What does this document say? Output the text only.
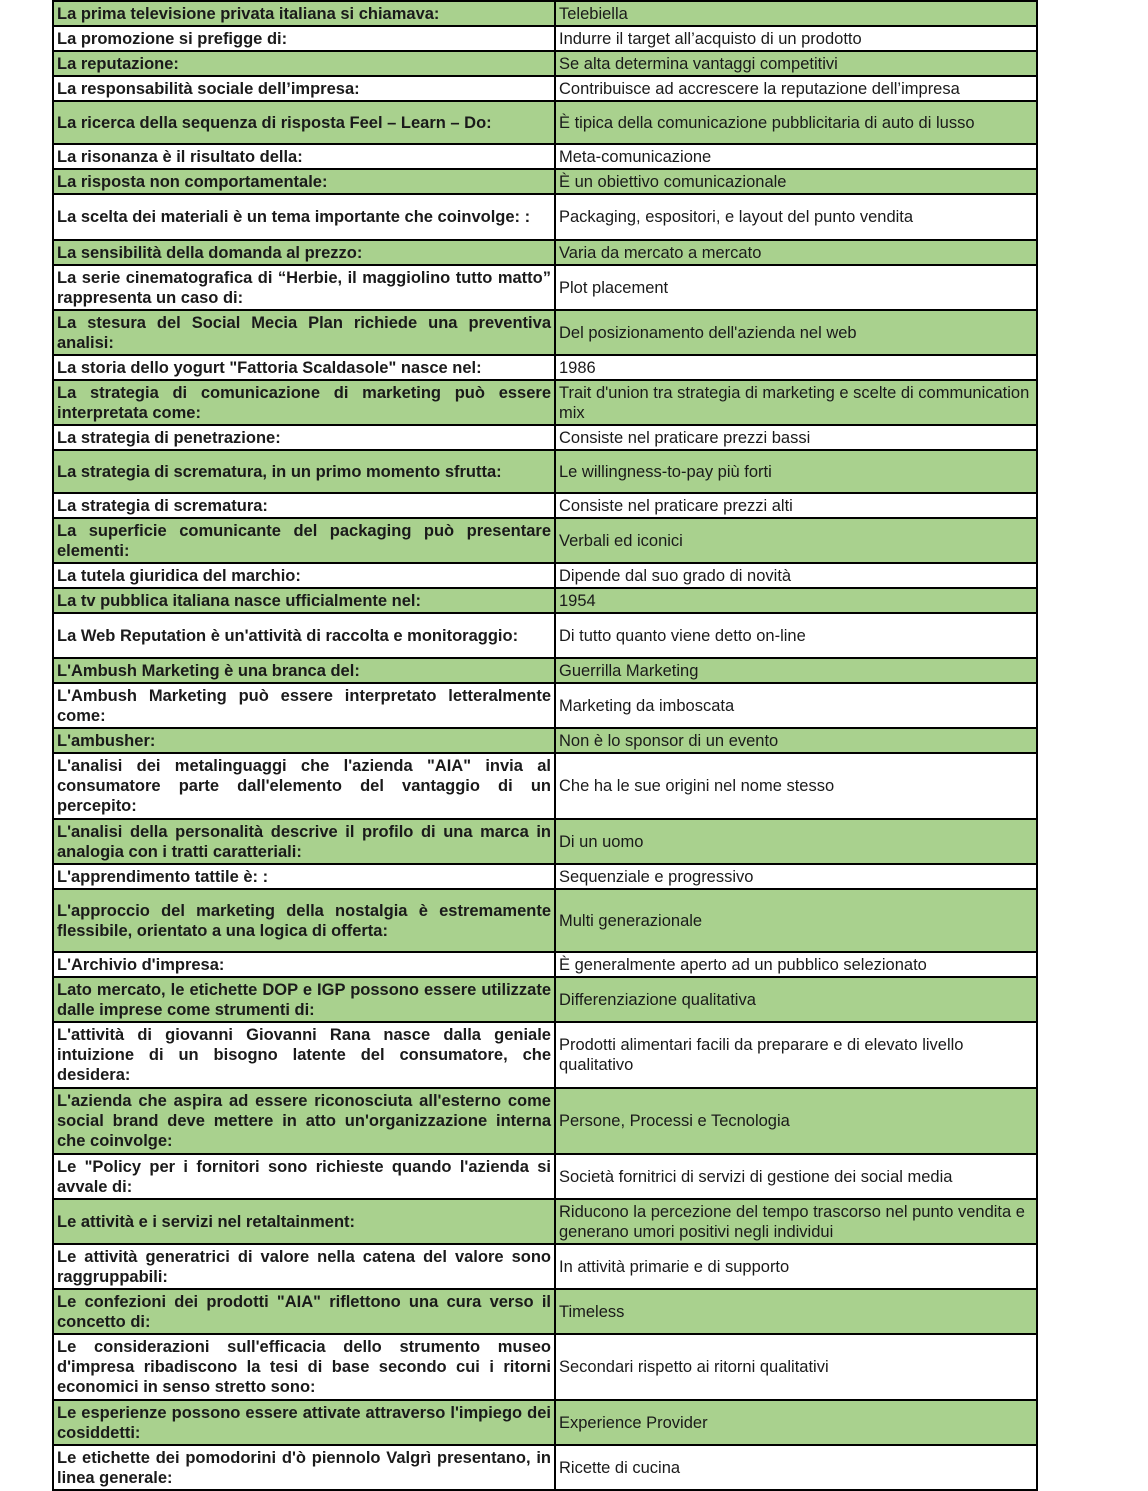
La prima televisione privata italiana si chiamava:	Telebiella
La promozione si prefigge di:	Indurre il target all’acquisto di un prodotto
La reputazione:	Se alta determina vantaggi competitivi
La responsabilità sociale dell’impresa:	Contribuisce ad accrescere la reputazione dell’impresa
La ricerca della sequenza di risposta Feel – Learn – Do:	È tipica della comunicazione pubblicitaria di auto di lusso
La risonanza è il risultato della:	Meta-comunicazione
La risposta non comportamentale:	È un obiettivo comunicazionale
La scelta dei materiali è un tema importante che coinvolge: :	Packaging, espositori, e layout del punto vendita
La sensibilità della domanda al prezzo:	Varia da mercato a mercato
La serie cinematografica di “Herbie, il maggiolino tutto matto” rappresenta un caso di:	Plot placement
La stesura del Social Mecia Plan richiede una preventiva analisi:	Del posizionamento dell'azienda nel web
La storia dello yogurt "Fattoria Scaldasole" nasce nel:	1986
La strategia di comunicazione di marketing può essere interpretata come:	Trait d'union tra strategia di marketing e scelte di communication mix
La strategia di penetrazione:	Consiste nel praticare prezzi bassi
La strategia di scrematura, in un primo momento sfrutta:	Le willingness-to-pay più forti
La strategia di scrematura:	Consiste nel praticare prezzi alti
La superficie comunicante del packaging può presentare elementi:	Verbali ed iconici
La tutela giuridica del marchio:	Dipende dal suo grado di novità
La tv pubblica italiana nasce ufficialmente nel:	1954
La Web Reputation è un'attività di raccolta e monitoraggio:	Di tutto quanto viene detto on-line
L'Ambush Marketing è una branca del:	Guerrilla Marketing
L'Ambush Marketing può essere interpretato letteralmente come:	Marketing da imboscata
L'ambusher:	Non è lo sponsor di un evento
L'analisi dei metalinguaggi che l'azienda "AIA" invia al consumatore parte dall'elemento del vantaggio di un percepito:	Che ha le sue origini nel nome stesso
L'analisi della personalità descrive il profilo di una marca in analogia con i tratti caratteriali:	Di un uomo
L'apprendimento tattile è: :	Sequenziale e progressivo
L'approccio del marketing della nostalgia è estremamente flessibile, orientato a una logica di offerta:	Multi generazionale
L'Archivio d'impresa:	È generalmente aperto ad un pubblico selezionato
Lato mercato, le etichette DOP e IGP possono essere utilizzate dalle imprese come strumenti di:	Differenziazione qualitativa
L'attività di giovanni Giovanni Rana nasce dalla geniale intuizione di un bisogno latente del consumatore, che desidera:	Prodotti alimentari facili da preparare e di elevato livello qualitativo
L'azienda che aspira ad essere riconosciuta all'esterno come social brand deve mettere in atto un'organizzazione interna che coinvolge:	Persone, Processi e Tecnologia
Le "Policy per i fornitori sono richieste quando l'azienda si avvale di:	Società fornitrici di servizi di gestione dei social media
Le attività e i servizi nel retaltainment:	Riducono la percezione del tempo trascorso nel punto vendita e generano umori positivi negli individui
Le attività generatrici di valore nella catena del valore sono raggruppabili:	In attività primarie e di supporto
Le confezioni dei prodotti "AIA" riflettono una cura verso il concetto di:	Timeless
Le considerazioni sull'efficacia dello strumento museo d'impresa ribadiscono la tesi di base secondo cui i ritorni economici in senso stretto sono:	Secondari rispetto ai ritorni qualitativi
Le esperienze possono essere attivate attraverso l'impiego dei cosiddetti:	Experience Provider
Le etichette dei pomodorini d'ò piennolo Valgrì presentano, in linea generale:	Ricette di cucina
